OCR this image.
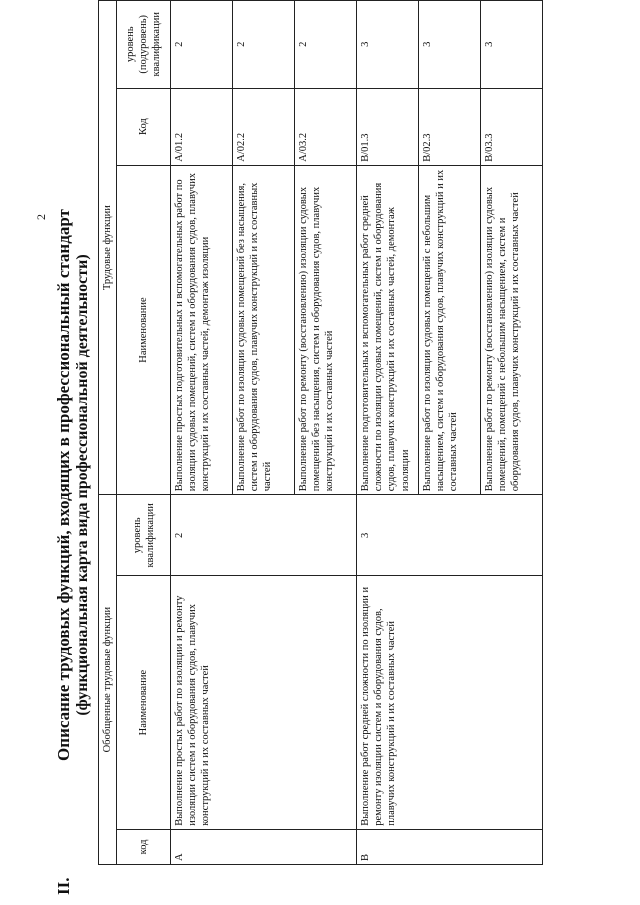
2
II.
Описание трудовых функций, входящих в профессиональный стандарт (функциональная карта вида профессиональной деятельности) Обобщенные трудовые функции			Трудовые функции		
код	Наименование	уровень квалификации	Наименование	Код	уровень (подуровень) квалификации
A	Выполнение простых работ по изоляции и ремонту изоляции систем и оборудования судов, плавучих конструкций и их составных частей	2	Выполнение простых подготовительных и вспомогательных работ по изоляции судовых помещений, систем и оборудования судов, плавучих конструкций и их составных частей, демонтаж изоляции	A/01.2	2
			Выполнение работ по изоляции судовых помещений без насыщения, систем и оборудования судов, плавучих конструкций и их составных частей	A/02.2	2
			Выполнение работ по ремонту (восстановлению) изоляции судовых помещений без насыщения, систем и оборудования судов, плавучих конструкций и их составных частей	A/03.2	2
B	Выполнение работ средней сложности по изоляции и ремонту изоляции систем и оборудования судов, плавучих конструкций и их составных частей	3	Выполнение подготовительных и вспомогательных работ средней сложности по изоляции судовых помещений, систем и оборудования судов, плавучих конструкций и их составных частей, демонтаж изоляции	B/01.3	3
			Выполнение работ по изоляции судовых помещений с небольшим насыщением, систем и оборудования судов, плавучих конструкций и их составных частей	B/02.3	3
			Выполнение работ по ремонту (восстановлению) изоляции судовых помещений, помещений с небольшим насыщением, систем и оборудования судов, плавучих конструкций и их составных частей	B/03.3	3
